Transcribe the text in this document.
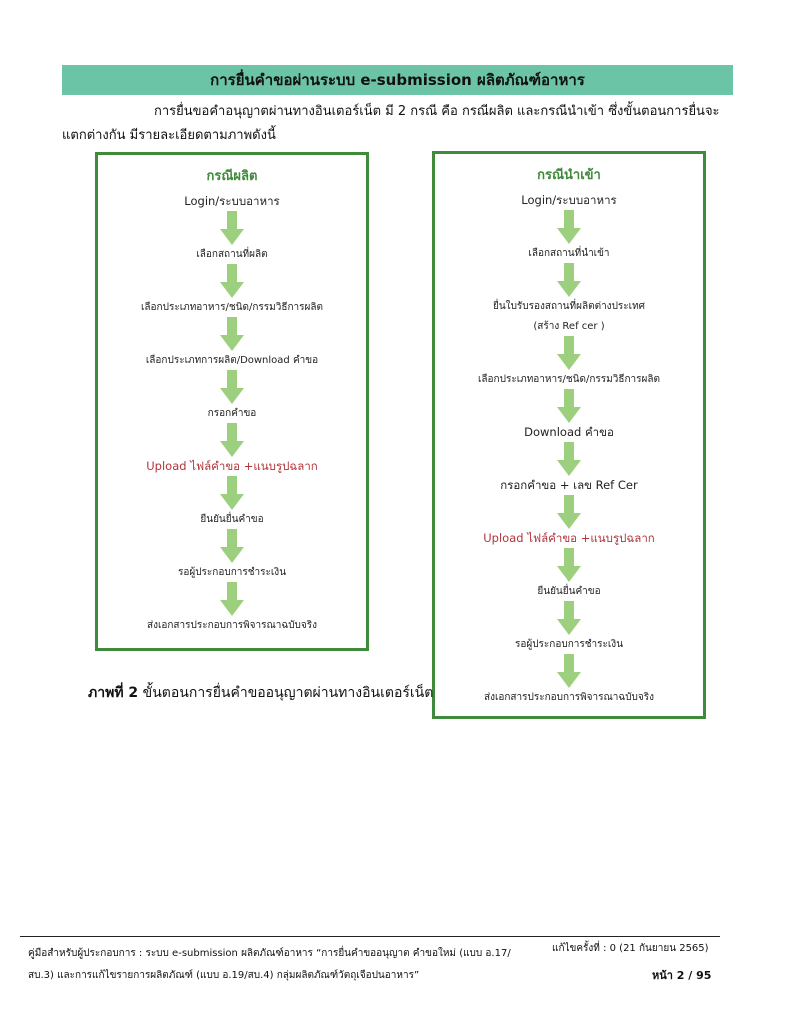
การยื่นคำขอผ่านระบบ e-submission ผลิตภัณฑ์อาหาร
การยื่นขอคำอนุญาตผ่านทางอินเตอร์เน็ต มี 2 กรณี คือ กรณีผลิต และกรณีนำเข้า ซึ่งขั้นตอนการยื่นจะ
แตกต่างกัน มีรายละเอียดตามภาพดังนี้
กรณีผลิต
Login/ระบบอาหาร
เลือกสถานที่ผลิต
เลือกประเภทอาหาร/ชนิด/กรรมวิธีการผลิต
เลือกประเภทการผลิต/Download คำขอ
กรอกคำขอ
Upload ไฟล์คำขอ +แนบรูปฉลาก
ยืนยันยื่นคำขอ
รอผู้ประกอบการชำระเงิน
ส่งเอกสารประกอบการพิจารณาฉบับจริง
กรณีนำเข้า
Login/ระบบอาหาร
เลือกสถานที่นำเข้า
ยื่นใบรับรองสถานที่ผลิตต่างประเทศ
(สร้าง Ref cer )
เลือกประเภทอาหาร/ชนิด/กรรมวิธีการผลิต
Download คำขอ
กรอกคำขอ + เลข Ref Cer
Upload ไฟล์คำขอ +แนบรูปฉลาก
ยืนยันยื่นคำขอ
รอผู้ประกอบการชำระเงิน
ส่งเอกสารประกอบการพิจารณาฉบับจริง
ภาพที่ 2 ขั้นตอนการยื่นคำขออนุญาตผ่านทางอินเตอร์เน็ต
คู่มือสำหรับผู้ประกอบการ : ระบบ e-submission ผลิตภัณฑ์อาหาร “การยื่นคำขออนุญาต คำขอใหม่ (แบบ อ.17/
สบ.3) และการแก้ไขรายการผลิตภัณฑ์ (แบบ อ.19/สบ.4) กลุ่มผลิตภัณฑ์วัตถุเจือปนอาหาร”
แก้ไขครั้งที่ : 0 (21 กันยายน 2565)
หน้า 2 / 95
